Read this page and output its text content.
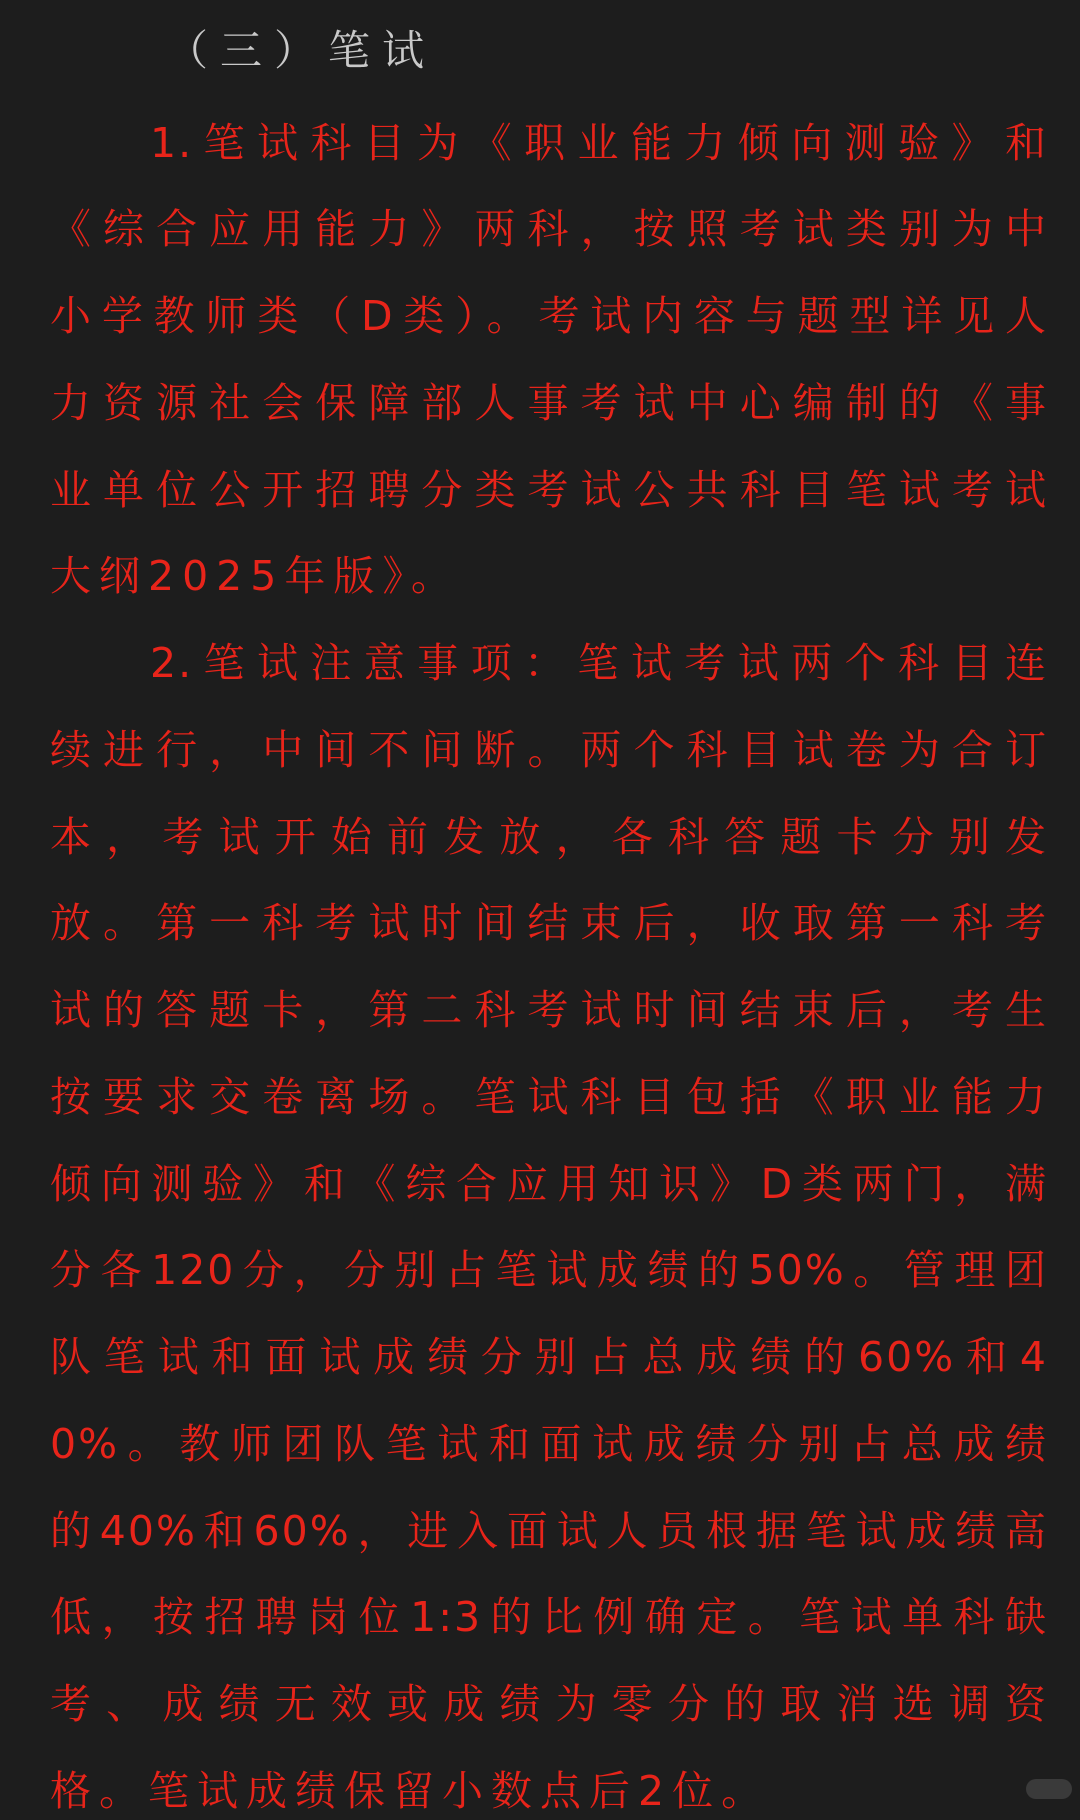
（三）笔试
1.笔试科目为《职业能力倾向测验》和
《综合应用能力》两科，按照考试类别为中
小学教师类（D类）。考试内容与题型详见人
力资源社会保障部人事考试中心编制的《事
业单位公开招聘分类考试公共科目笔试考试
大纲2025年版》。
2.笔试注意事项：笔试考试两个科目连
续进行，中间不间断。两个科目试卷为合订
本，考试开始前发放，各科答题卡分别发
放。第一科考试时间结束后，收取第一科考
试的答题卡，第二科考试时间结束后，考生
按要求交卷离场。笔试科目包括《职业能力
倾向测验》和《综合应用知识》D类两门，满
分各120分，分别占笔试成绩的50%。管理团
队笔试和面试成绩分别占总成绩的60%和4
0%。教师团队笔试和面试成绩分别占总成绩
的40%和60%，进入面试人员根据笔试成绩高
低，按招聘岗位1:3的比例确定。笔试单科缺
考、成绩无效或成绩为零分的取消选调资
格。笔试成绩保留小数点后2位。
